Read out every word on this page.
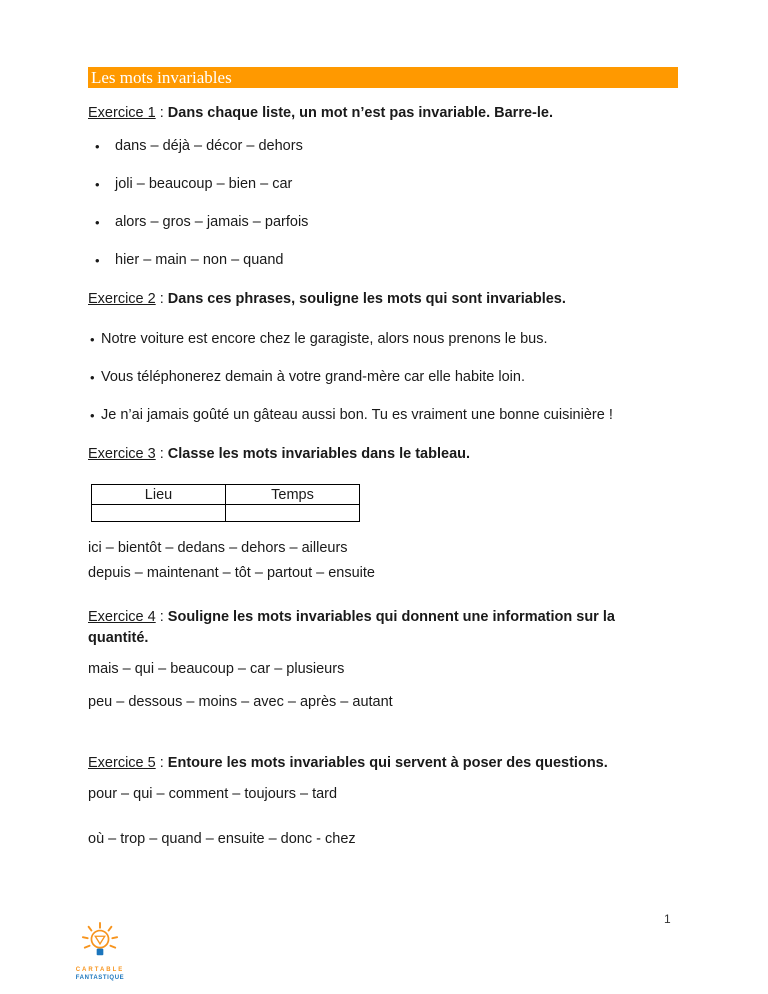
Les mots invariables
Exercice 1 : Dans chaque liste, un mot n’est pas invariable. Barre-le.
•	dans – déjà – décor – dehors
•	joli – beaucoup – bien – car
•	alors – gros – jamais – parfois
•	hier – main – non – quand
Exercice 2 : Dans ces phrases, souligne les mots qui sont invariables.
• Notre voiture est encore chez le garagiste, alors nous prenons le bus.
• Vous téléphonerez demain à votre grand-mère car elle habite loin.
• Je n’ai jamais goûté un gâteau aussi bon. Tu es vraiment une bonne cuisinière !
Exercice 3 : Classe les mots invariables dans le tableau.
Lieu	Temps

ici – bientôt – dedans – dehors – ailleurs
depuis – maintenant – tôt – partout – ensuite
Exercice 4 : Souligne les mots invariables qui donnent une information sur la quantité.
mais – qui – beaucoup – car – plusieurs
peu – dessous – moins – avec – après – autant
Exercice 5 : Entoure les mots invariables qui servent à poser des questions.
pour – qui – comment – toujours – tard
où – trop – quand – ensuite – donc - chez
1
CARTABLE
FANTASTIQUE
